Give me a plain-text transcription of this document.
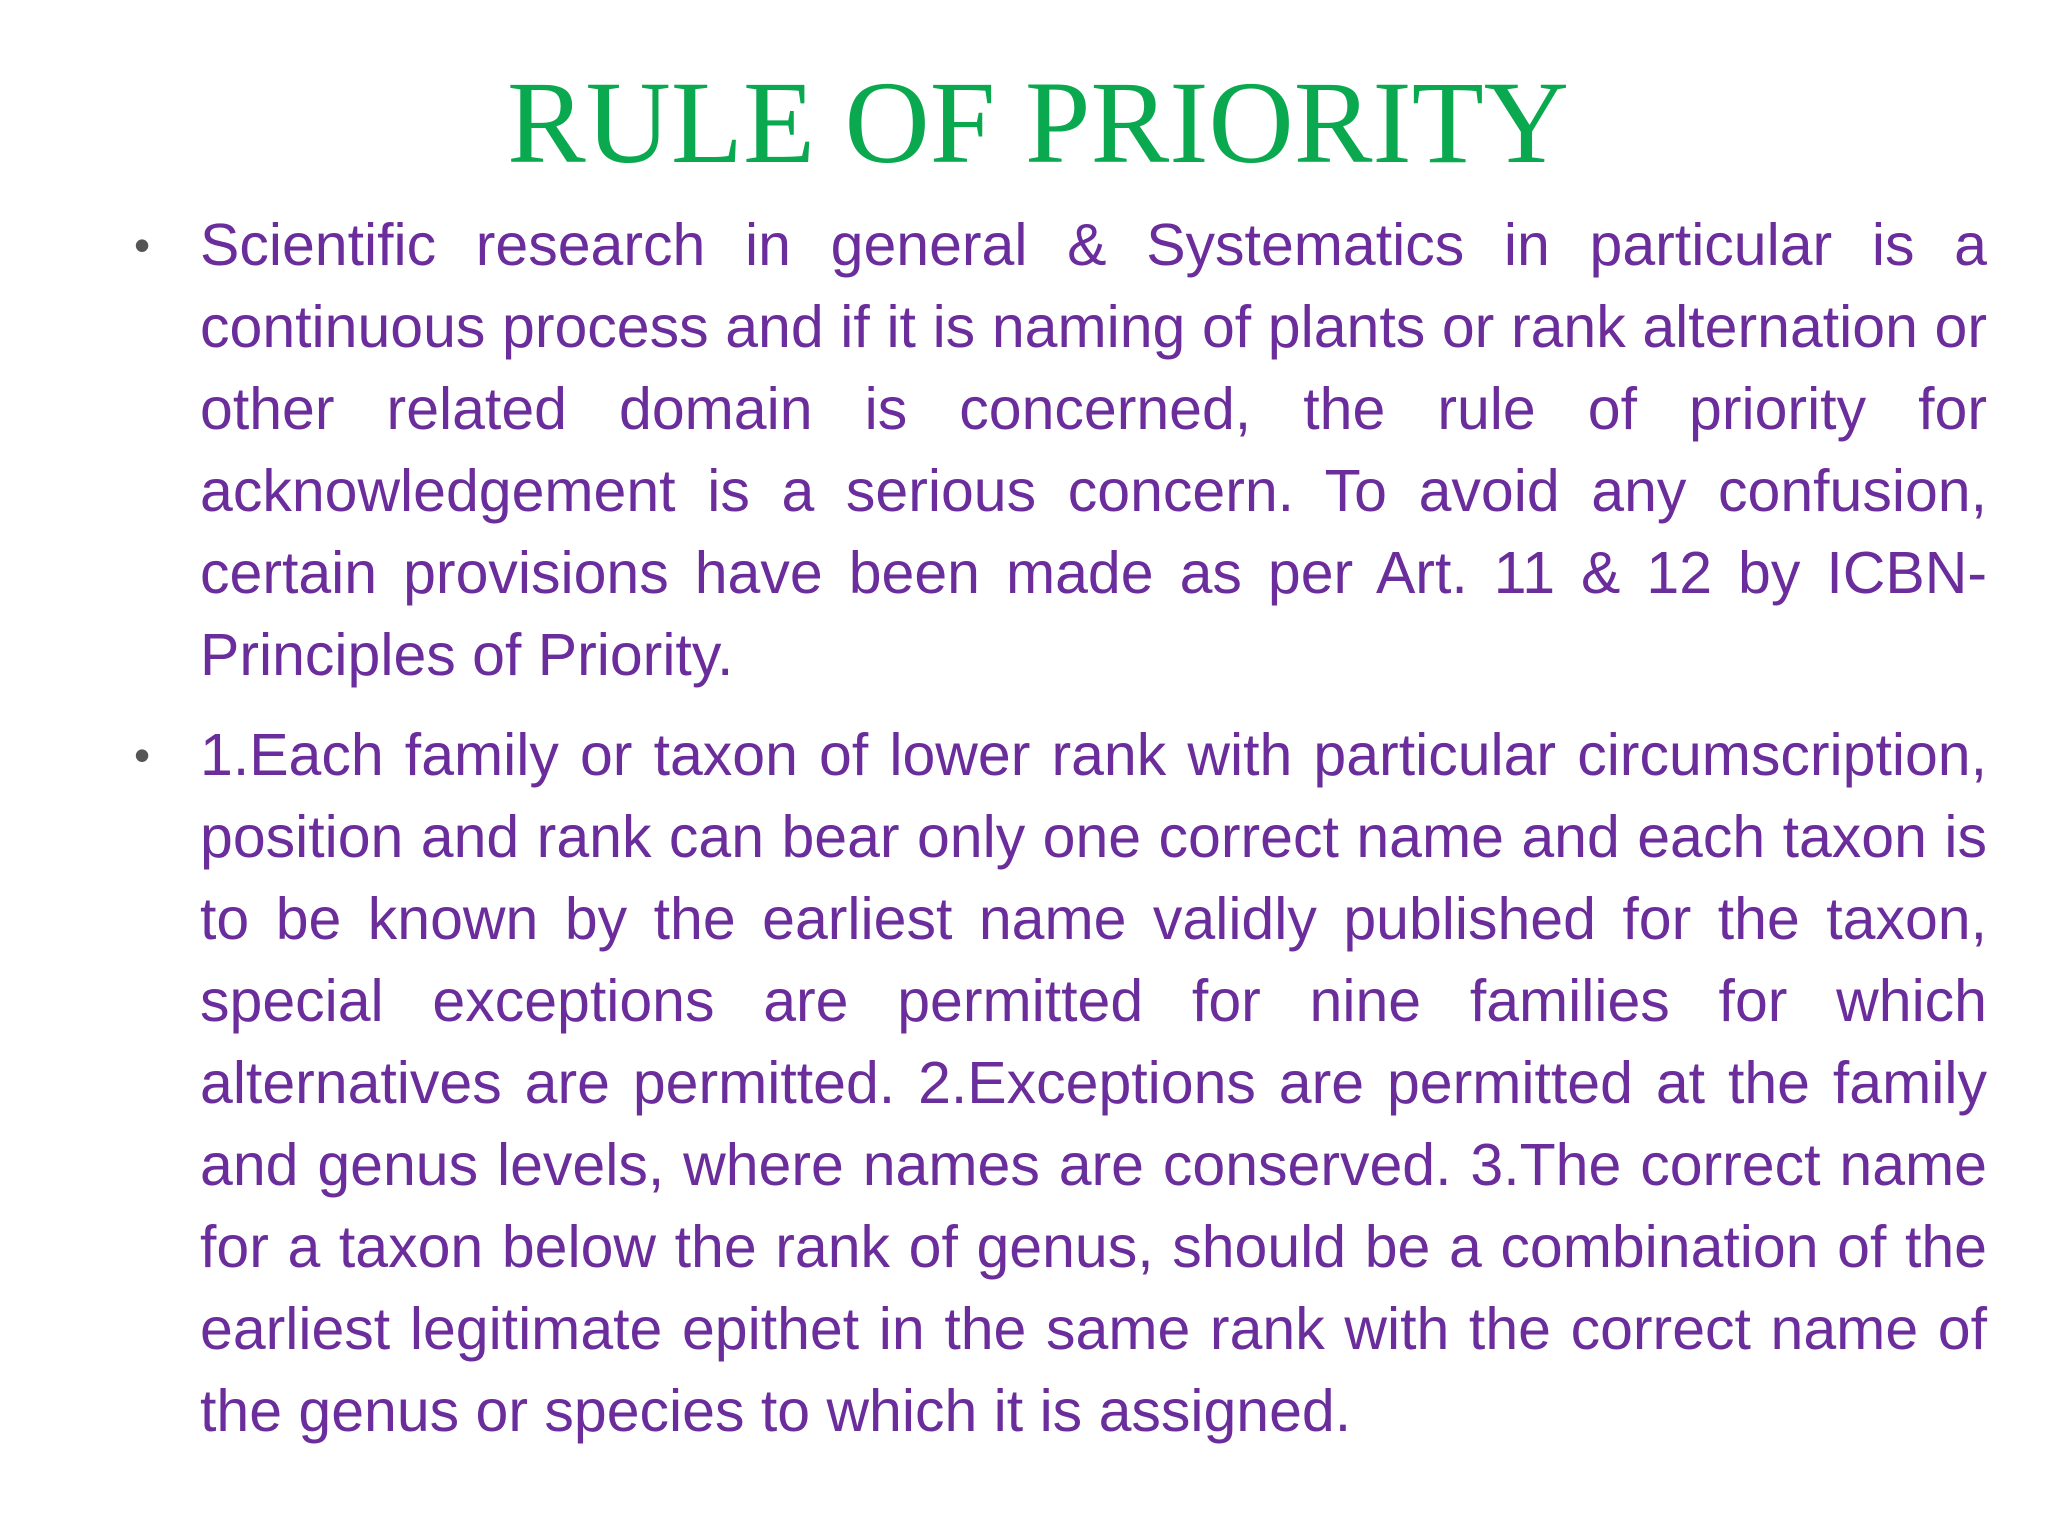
RULE OF PRIORITY
• Scientific research in general & Systematics in particular is a continuous process and if it is naming of plants or rank alternation or other related domain is concerned, the rule of priority for acknowledgement is a serious concern. To avoid any confusion, certain provisions have been made as per Art. 11 & 12 by ICBN-Principles of Priority.
• 1.Each family or taxon of lower rank with particular circumscription, position and rank can bear only one correct name and each taxon is to be known by the earliest name validly published for the taxon, special exceptions are permitted for nine families for which alternatives are permitted. 2.Exceptions are permitted at the family and genus levels, where names are conserved. 3.The correct name for a taxon below the rank of genus, should be a combination of the earliest legitimate epithet in the same rank with the correct name of the genus or species to which it is assigned.
